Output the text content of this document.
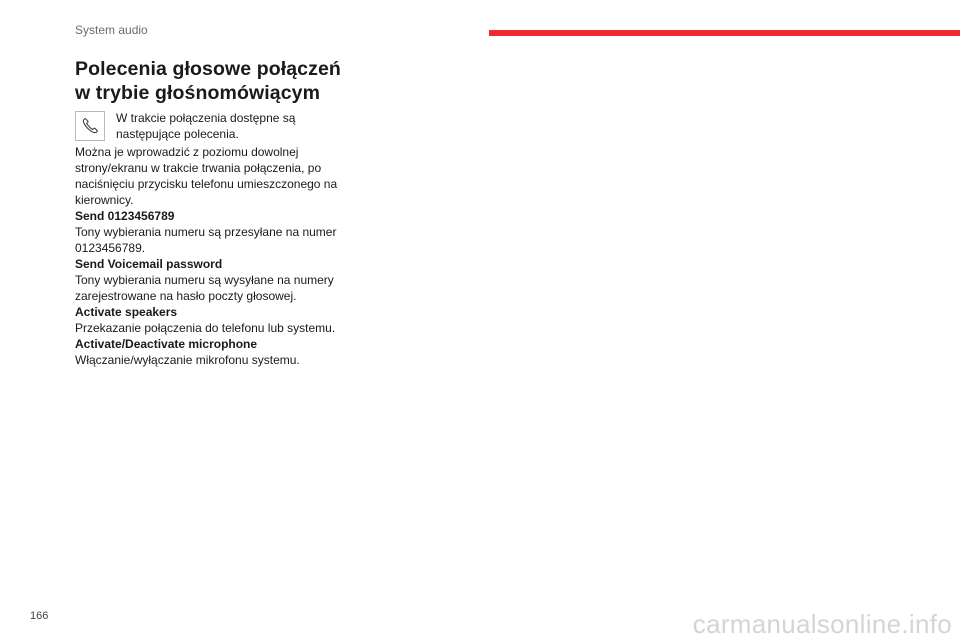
System audio
Polecenia głosowe połączeń w trybie głośnomówiącym
W trakcie połączenia dostępne są następujące polecenia.

Można je wprowadzić z poziomu dowolnej strony/ekranu w trakcie trwania połączenia, po naciśnięciu przycisku telefonu umieszczonego na kierownicy.

Send 0123456789

Tony wybierania numeru są przesyłane na numer 0123456789.

Send Voicemail password

Tony wybierania numeru są wysyłane na numery zarejestrowane na hasło poczty głosowej.

Activate speakers

Przekazanie połączenia do telefonu lub systemu.

Activate/Deactivate microphone

Włączanie/wyłączanie mikrofonu systemu.

166	carmanualsonline.info
